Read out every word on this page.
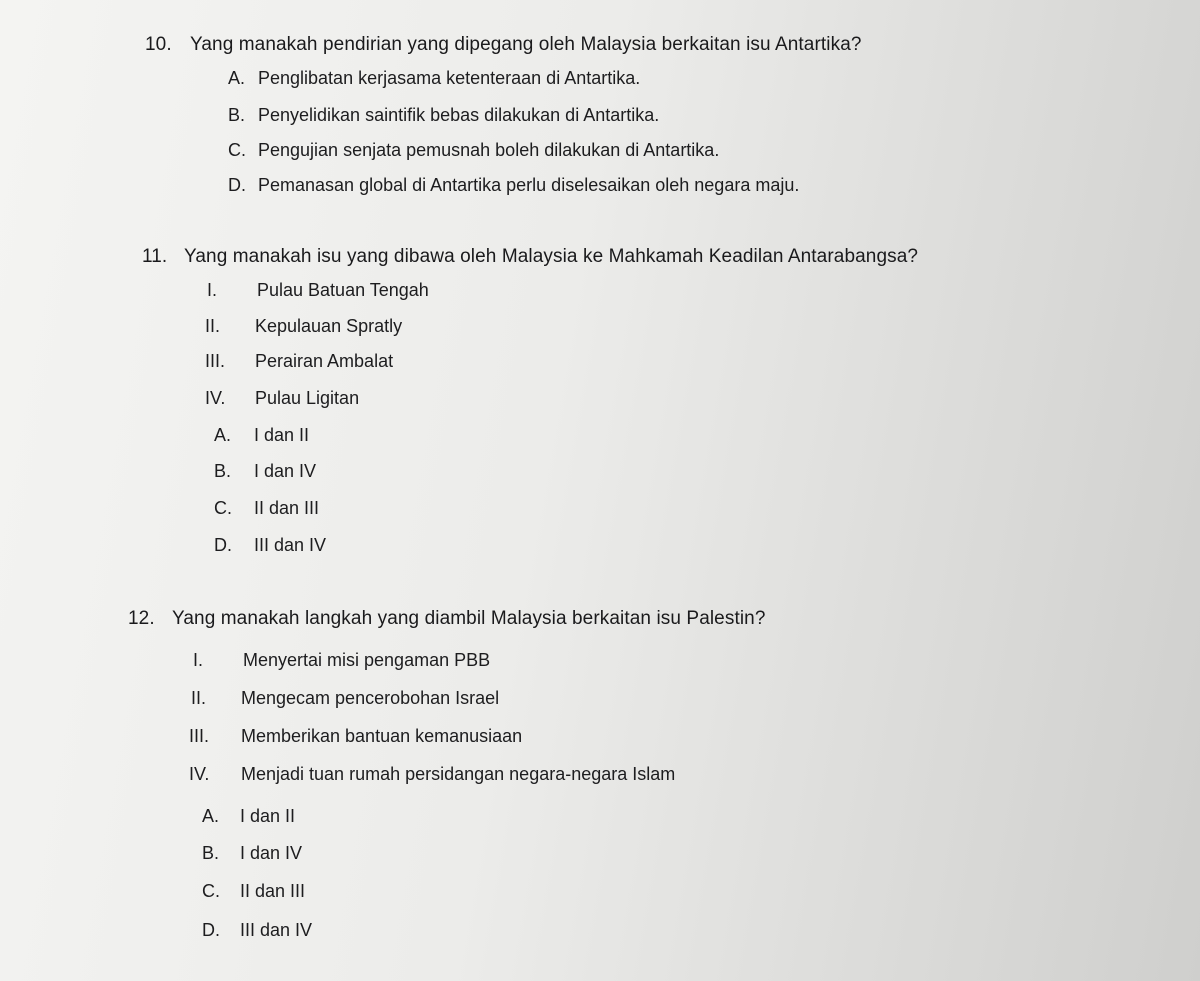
10. Yang manakah pendirian yang dipegang oleh Malaysia berkaitan isu Antartika?
A. Penglibatan kerjasama ketenteraan di Antartika.
B. Penyelidikan saintifik bebas dilakukan di Antartika.
C. Pengujian senjata pemusnah boleh dilakukan di Antartika.
D. Pemanasan global di Antartika perlu diselesaikan oleh negara maju.
11. Yang manakah isu yang dibawa oleh Malaysia ke Mahkamah Keadilan Antarabangsa?
I. Pulau Batuan Tengah
II. Kepulauan Spratly
III. Perairan Ambalat
IV. Pulau Ligitan
A. I dan II
B. I dan IV
C. II dan III
D. III dan IV
12. Yang manakah langkah yang diambil Malaysia berkaitan isu Palestin?
I. Menyertai misi pengaman PBB
II. Mengecam pencerobohan Israel
III. Memberikan bantuan kemanusiaan
IV. Menjadi tuan rumah persidangan negara-negara Islam
A. I dan II
B. I dan IV
C. II dan III
D. III dan IV
